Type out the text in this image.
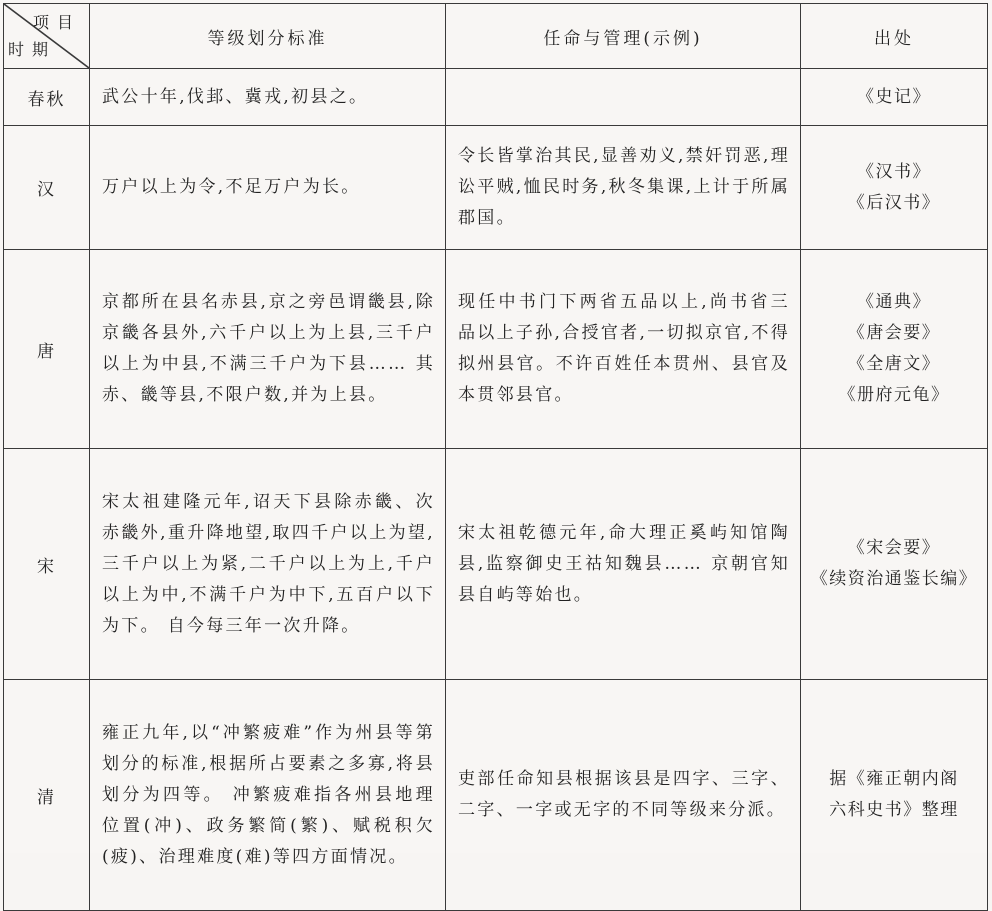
项目
时期	等级划分标准	任命与管理(示例)	出处
春秋	武公十年,伐邽、冀戎,初县之。		《史记》

汉	万户以上为令,不足万户为长。	令长皆掌治其民,显善劝义,禁奸罚恶,理讼平贼,恤民时务,秋冬集课,上计于所属郡国。	《汉书》
《后汉书》

唐	京都所在县名赤县,京之旁邑谓畿县,除京畿各县外,六千户以上为上县,三千户以上为中县,不满三千户为下县…… 其赤、畿等县,不限户数,并为上县。	现任中书门下两省五品以上,尚书省三品以上子孙,合授官者,一切拟京官,不得拟州县官。不许百姓任本贯州、县官及本贯邻县官。	《通典》
《唐会要》
《全唐文》
《册府元龟》

宋	宋太祖建隆元年,诏天下县除赤畿、次赤畿外,重升降地望,取四千户以上为望,三千户以上为紧,二千户以上为上,千户以上为中,不满千户为中下,五百户以下为下。 自今每三年一次升降。	宋太祖乾德元年,命大理正奚屿知馆陶县,监察御史王祜知魏县…… 京朝官知县自屿等始也。	《宋会要》
《续资治通鉴长编》

清	雍正九年,以“冲繁疲难”作为州县等第划分的标准,根据所占要素之多寡,将县划分为四等。 冲繁疲难指各州县地理位置(冲)、政务繁简(繁)、赋税积欠(疲)、治理难度(难)等四方面情况。	吏部任命知县根据该县是四字、三字、二字、一字或无字的不同等级来分派。	据《雍正朝内阁
六科史书》整理
